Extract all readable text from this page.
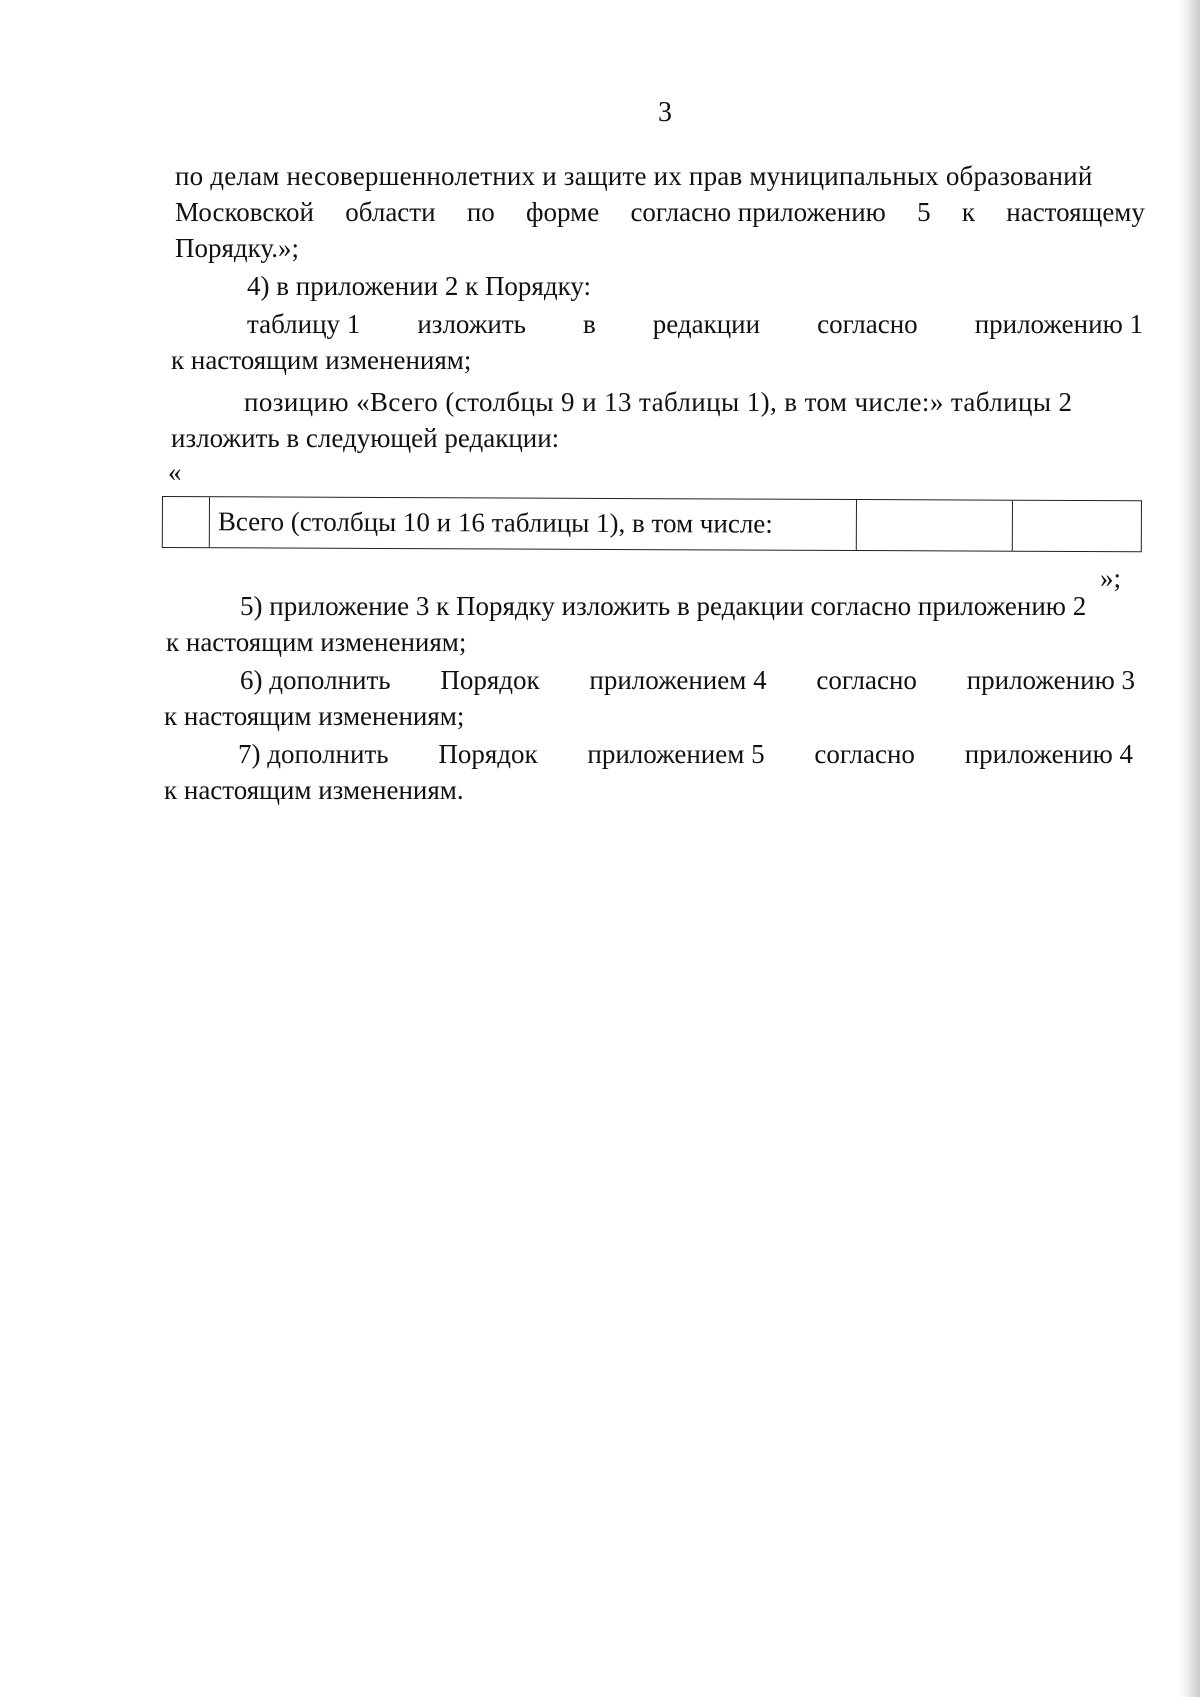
3
по делам несовершеннолетних и защите их прав муниципальных образований
Московской области по форме согласно приложению 5 к настоящему
Порядку.»;
4) в приложении 2 к Порядку:
таблицу 1 изложить в редакции согласно приложению 1
к настоящим изменениям;
позицию «Всего (столбцы 9 и 13 таблицы 1), в том числе:» таблицы 2
изложить в следующей редакции:
«
Всего (столбцы 10 и 16 таблицы 1), в том числе:
»;
5) приложение 3 к Порядку изложить в редакции согласно приложению 2
к настоящим изменениям;
6) дополнить Порядок приложением 4 согласно приложению 3
к настоящим изменениям;
7) дополнить Порядок приложением 5 согласно приложению 4
к настоящим изменениям.
